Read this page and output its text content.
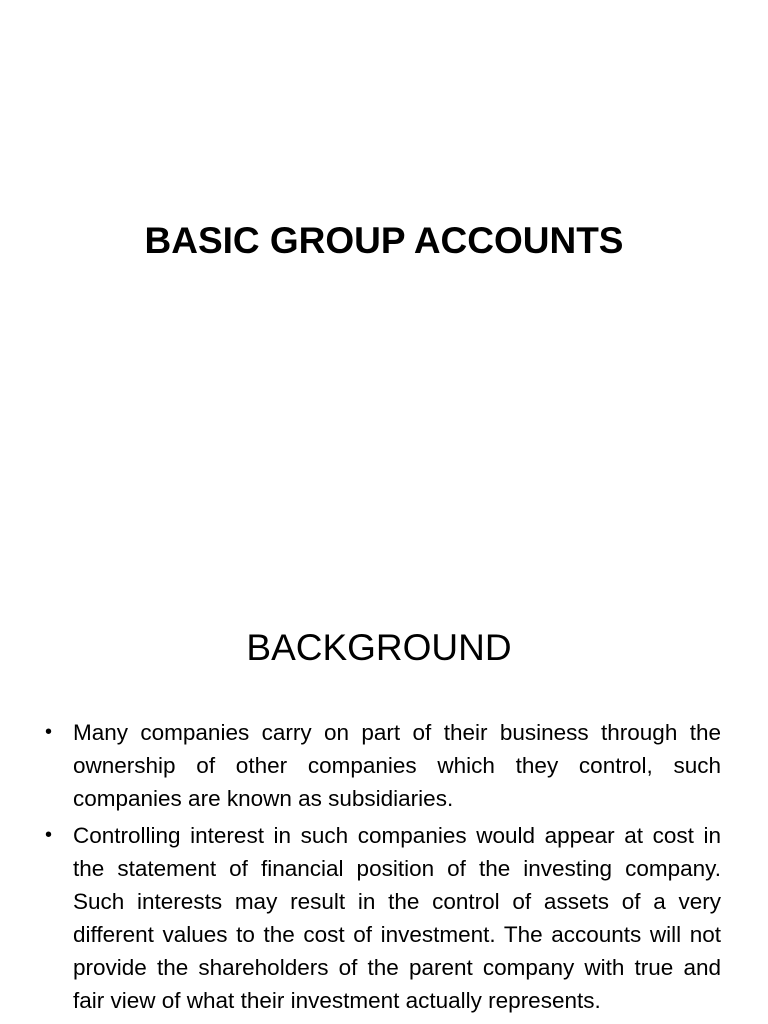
BASIC GROUP ACCOUNTS
BACKGROUND
• Many companies carry on part of their business through the ownership of other companies which they control, such companies are known as subsidiaries.
• Controlling interest in such companies would appear at cost in the statement of financial position of the investing company. Such interests may result in the control of assets of a very different values to the cost of investment. The accounts will not provide the shareholders of the parent company with true and fair view of what their investment actually represents.
